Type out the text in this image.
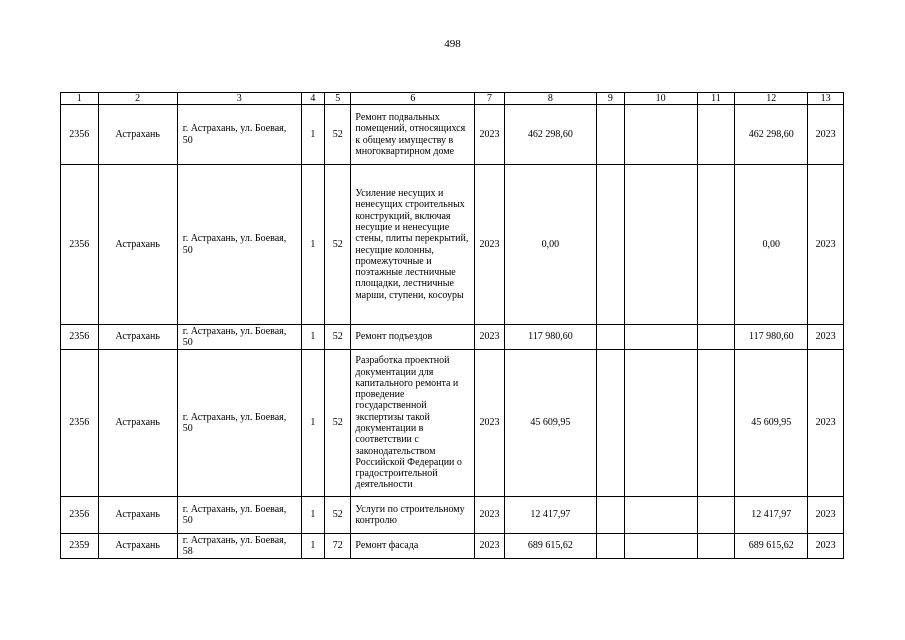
498
1	2	3	4	5	6	7	8	9	10	11	12	13
2356	Астрахань	г. Астрахань, ул. Боевая, 50	1	52	Ремонт подвальных помещений, относящихся к общему имуществу в многоквартирном доме	2023	462 298,60				462 298,60	2023
2356	Астрахань	г. Астрахань, ул. Боевая, 50	1	52	Усиление несущих и ненесущих строительных конструкций, включая несущие и ненесущие стены, плиты перекрытий, несущие колонны, промежуточные и поэтажные лестничные площадки, лестничные марши, ступени, косоуры	2023	0,00				0,00	2023
2356	Астрахань	г. Астрахань, ул. Боевая, 50	1	52	Ремонт подъездов	2023	117 980,60				117 980,60	2023
2356	Астрахань	г. Астрахань, ул. Боевая, 50	1	52	Разработка проектной документации для капитального ремонта и проведение государственной экспертизы такой документации в соответствии с законодательством Российской Федерации о градостроительной деятельности	2023	45 609,95				45 609,95	2023
2356	Астрахань	г. Астрахань, ул. Боевая, 50	1	52	Услуги по строительному контролю	2023	12 417,97				12 417,97	2023
2359	Астрахань	г. Астрахань, ул. Боевая, 58	1	72	Ремонт фасада	2023	689 615,62				689 615,62	2023
